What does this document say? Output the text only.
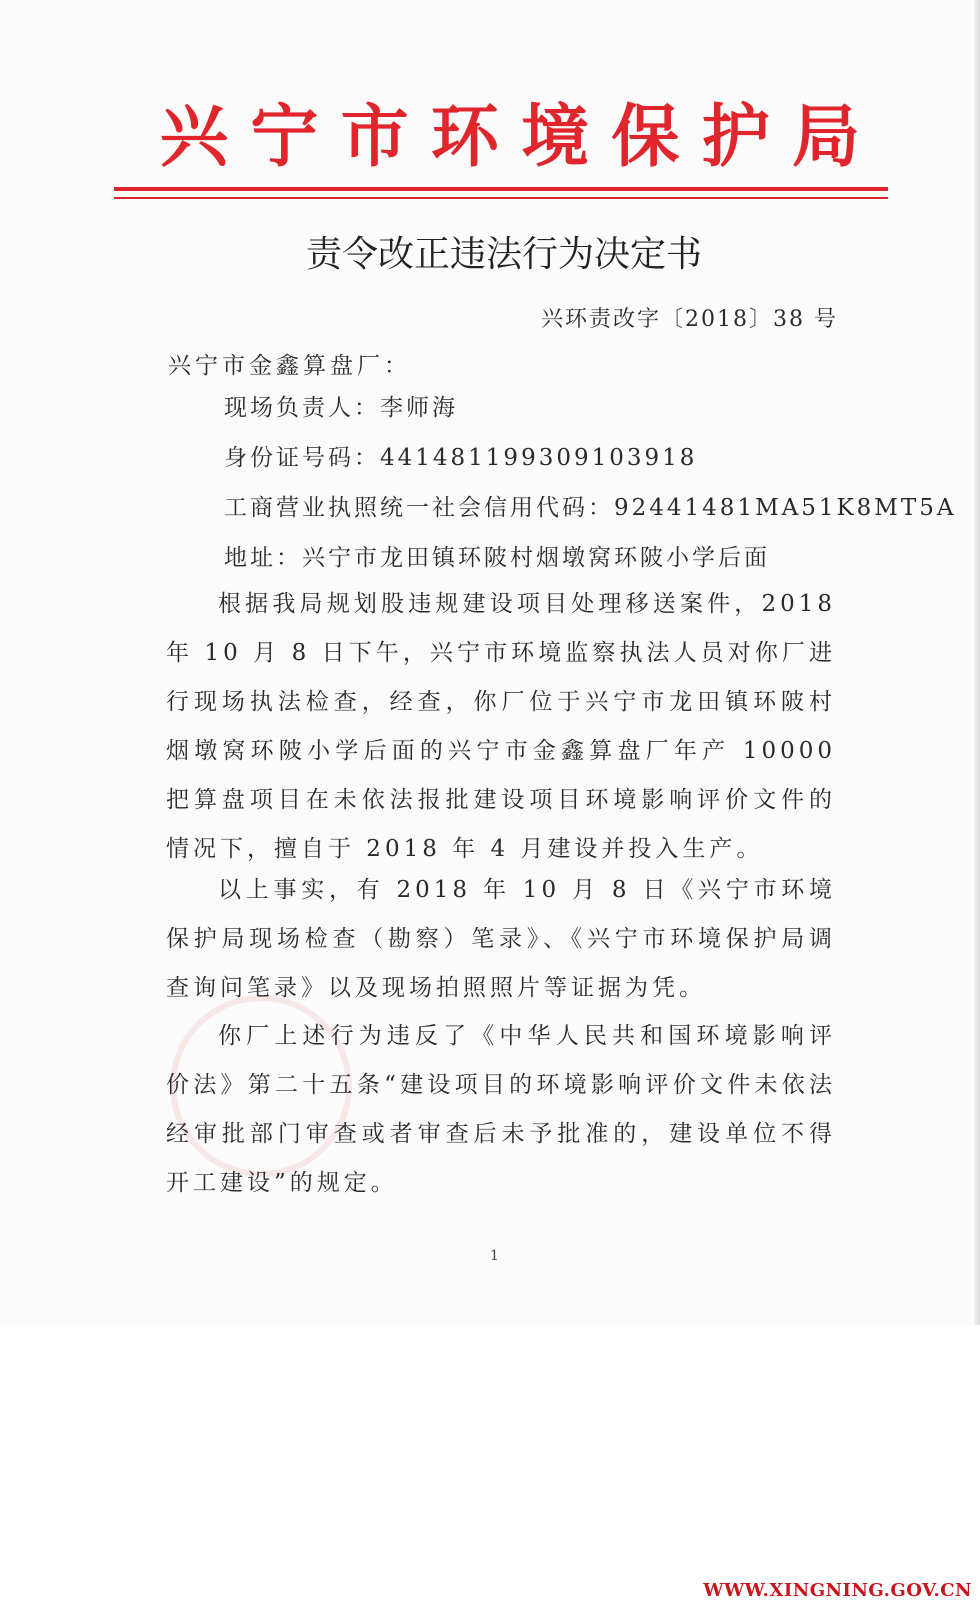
兴 宁 市 环 境 保 护 局
责令改正违法行为决定书
兴环责改字〔2018〕38 号
兴宁市金鑫算盘厂：
现场负责人：李师海
身份证号码：441481199309103918
工商营业执照统一社会信用代码：92441481MA51K8MT5A
地址：兴宁市龙田镇环陂村烟墩窝环陂小学后面

根据我局规划股违规建设项目处理移送案件，2018 年 10 月 8 日下午，兴宁市环境监察执法人员对你厂进行现场执法检查，经查，你厂位于兴宁市龙田镇环陂村烟墩窝环陂小学后面的兴宁市金鑫算盘厂年产 10000 把算盘项目在未依法报批建设项目环境影响评价文件的情况下，擅自于 2018 年 4 月建设并投入生产。

以上事实，有 2018 年 10 月 8 日《兴宁市环境保护局现场检查（勘察）笔录》、《兴宁市环境保护局调查询问笔录》以及现场拍照照片等证据为凭。

你厂上述行为违反了《中华人民共和国环境影响评价法》第二十五条“建设项目的环境影响评价文件未依法经审批部门审查或者审查后未予批准的，建设单位不得开工建设”的规定。

1
WWW.XINGNING.GOV.CN
